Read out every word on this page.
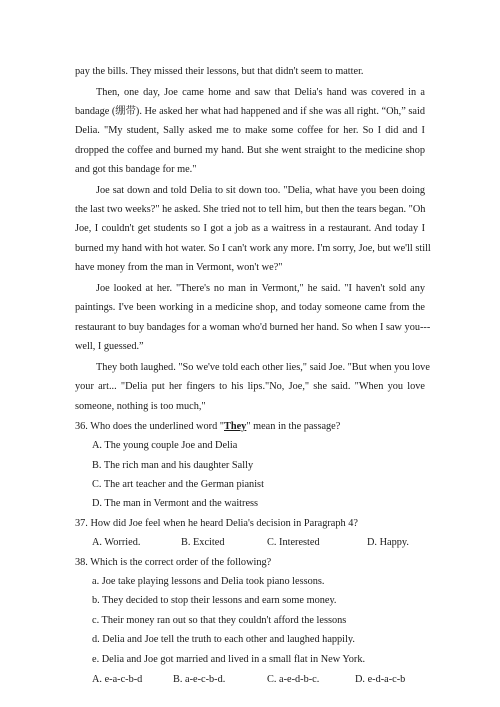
pay the bills. They missed their lessons, but that didn't seem to matter.
Then, one day, Joe came home and saw that Delia's hand was covered in a
bandage (绷带). He asked her what had happened and if she was all right. “Oh,” said
Delia. "My student, Sally asked me to make some coffee for her. So I did and I
dropped the coffee and burned my hand. But she went straight to the medicine shop
and got this bandage for me."
Joe sat down and told Delia to sit down too. "Delia, what have you been doing
the last two weeks?" he asked. She tried not to tell him, but then the tears began. "Oh
Joe, I couldn't get students so I got a job as a waitress in a restaurant. And today I
burned my hand with hot water. So I can't work any more. I'm sorry, Joe, but we'll still
have money from the man in Vermont, won't we?"
Joe looked at her. "There's no man in Vermont," he said. "I haven't sold any
paintings. I've been working in a medicine shop, and today someone came from the
restaurant to buy bandages for a woman who'd burned her hand. So when I saw you---
well, I guessed.”
They both laughed. "So we've told each other lies," said Joe. "But when you love
your art... "Delia put her fingers to his lips."No, Joe," she said. "When you love
someone, nothing is too much,"
36. Who does the underlined word "They" mean in the passage?
A. The young couple Joe and Delia
B. The rich man and his daughter Sally
C. The art teacher and the German pianist
D. The man in Vermont and the waitress
37. How did Joe feel when he heard Delia's decision in Paragraph 4?
A. Worried.	B. Excited	C. Interested	D. Happy.
38. Which is the correct order of the following?
a. Joe take playing lessons and Delia took piano lessons.
b. They decided to stop their lessons and earn some money.
c. Their money ran out so that they couldn't afford the lessons
d. Delia and Joe tell the truth to each other and laughed happily.
e. Delia and Joe got married and lived in a small flat in New York.
A. e-a-c-b-d	B. a-e-c-b-d.	C. a-e-d-b-c.	D. e-d-a-c-b
